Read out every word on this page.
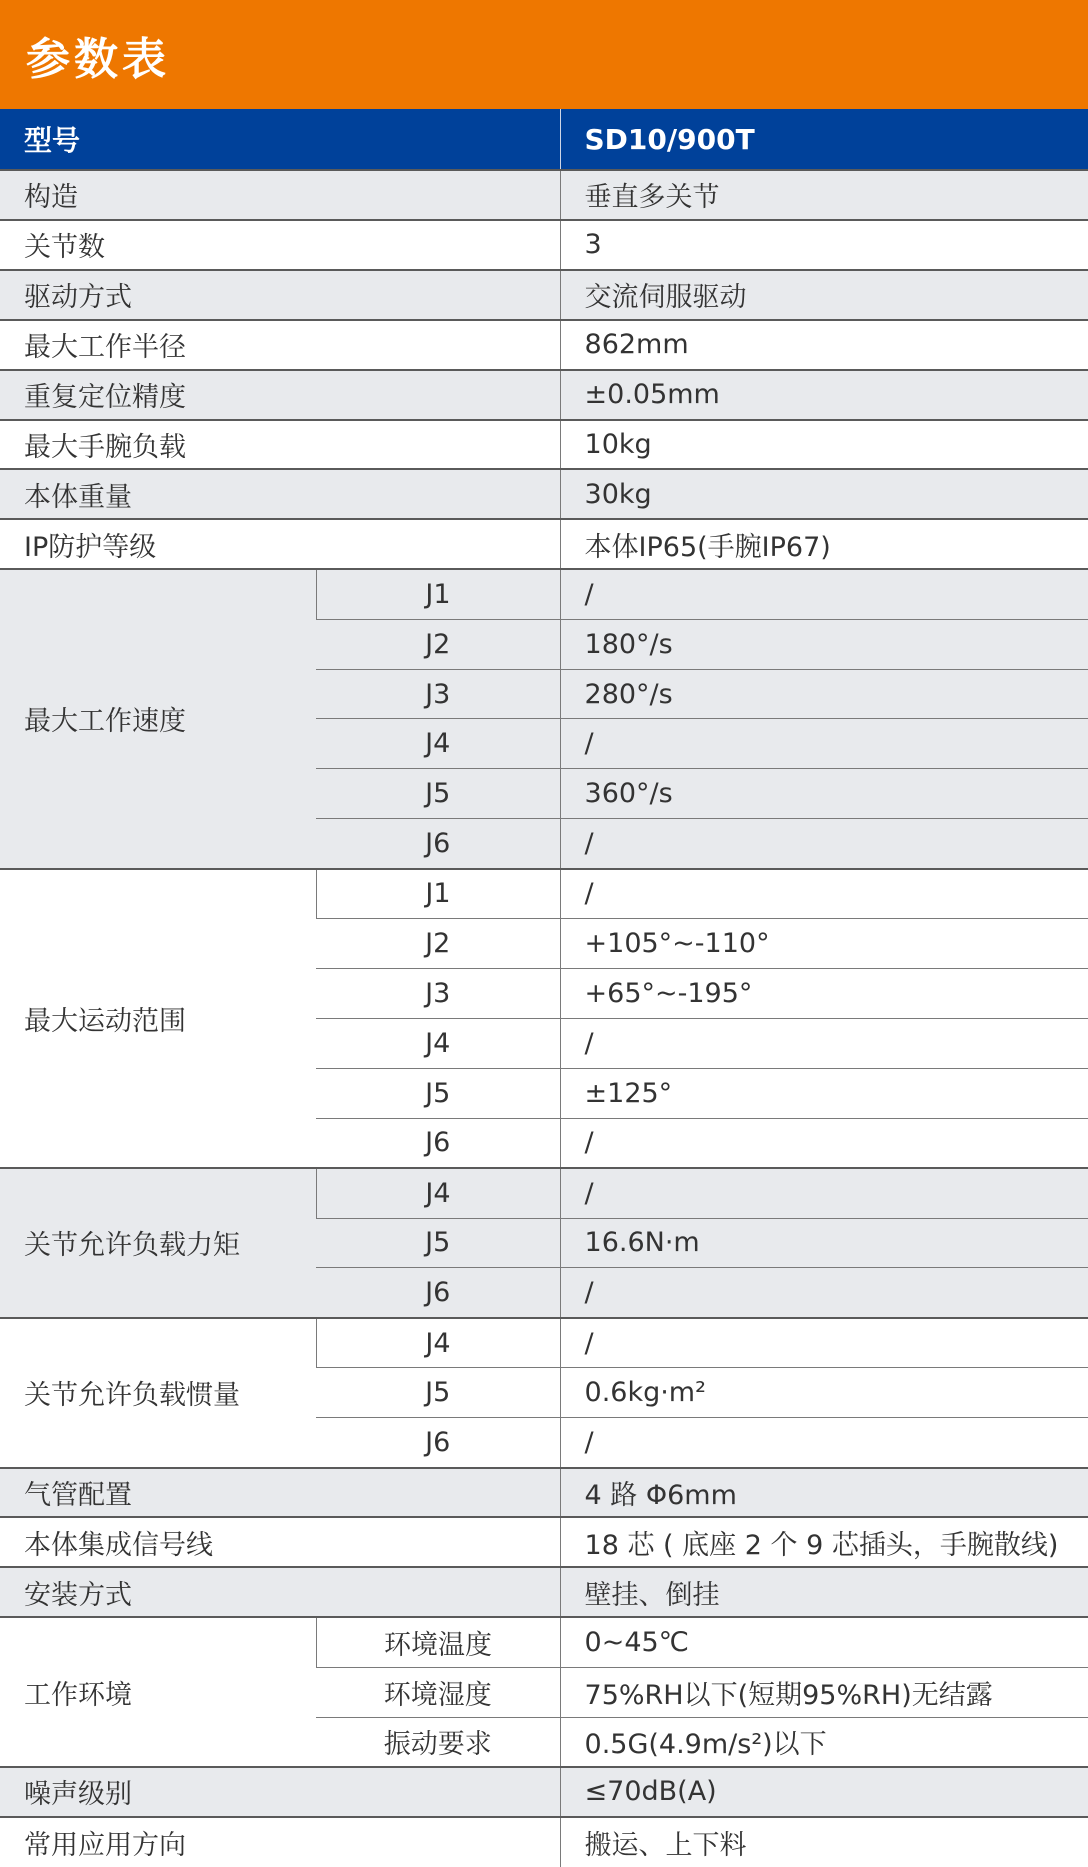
参数表
型号		SD10/900T
构造		垂直多关节
关节数		3
驱动方式		交流伺服驱动
最大工作半径		862mm
重复定位精度		±0.05mm
最大手腕负载		10kg
本体重量		30kg
IP防护等级		本体IP65(手腕IP67)
最大工作速度	J1	/
	J2	180°/s
	J3	280°/s
	J4	/
	J5	360°/s
	J6	/
最大运动范围	J1	/
	J2	+105°~-110°
	J3	+65°~-195°
	J4	/
	J5	±125°
	J6	/
关节允许负载力矩	J4	/
	J5	16.6N·m
	J6	/
关节允许负载惯量	J4	/
	J5	0.6kg·m²
	J6	/
气管配置		4 路 Φ6mm
本体集成信号线		18 芯 ( 底座 2 个 9 芯插头，手腕散线)
安装方式		壁挂、倒挂
工作环境	环境温度	0~45℃
	环境湿度	75%RH以下(短期95%RH)无结露
	振动要求	0.5G(4.9m/s²)以下
噪声级别		≤70dB(A)
常用应用方向		搬运、上下料
